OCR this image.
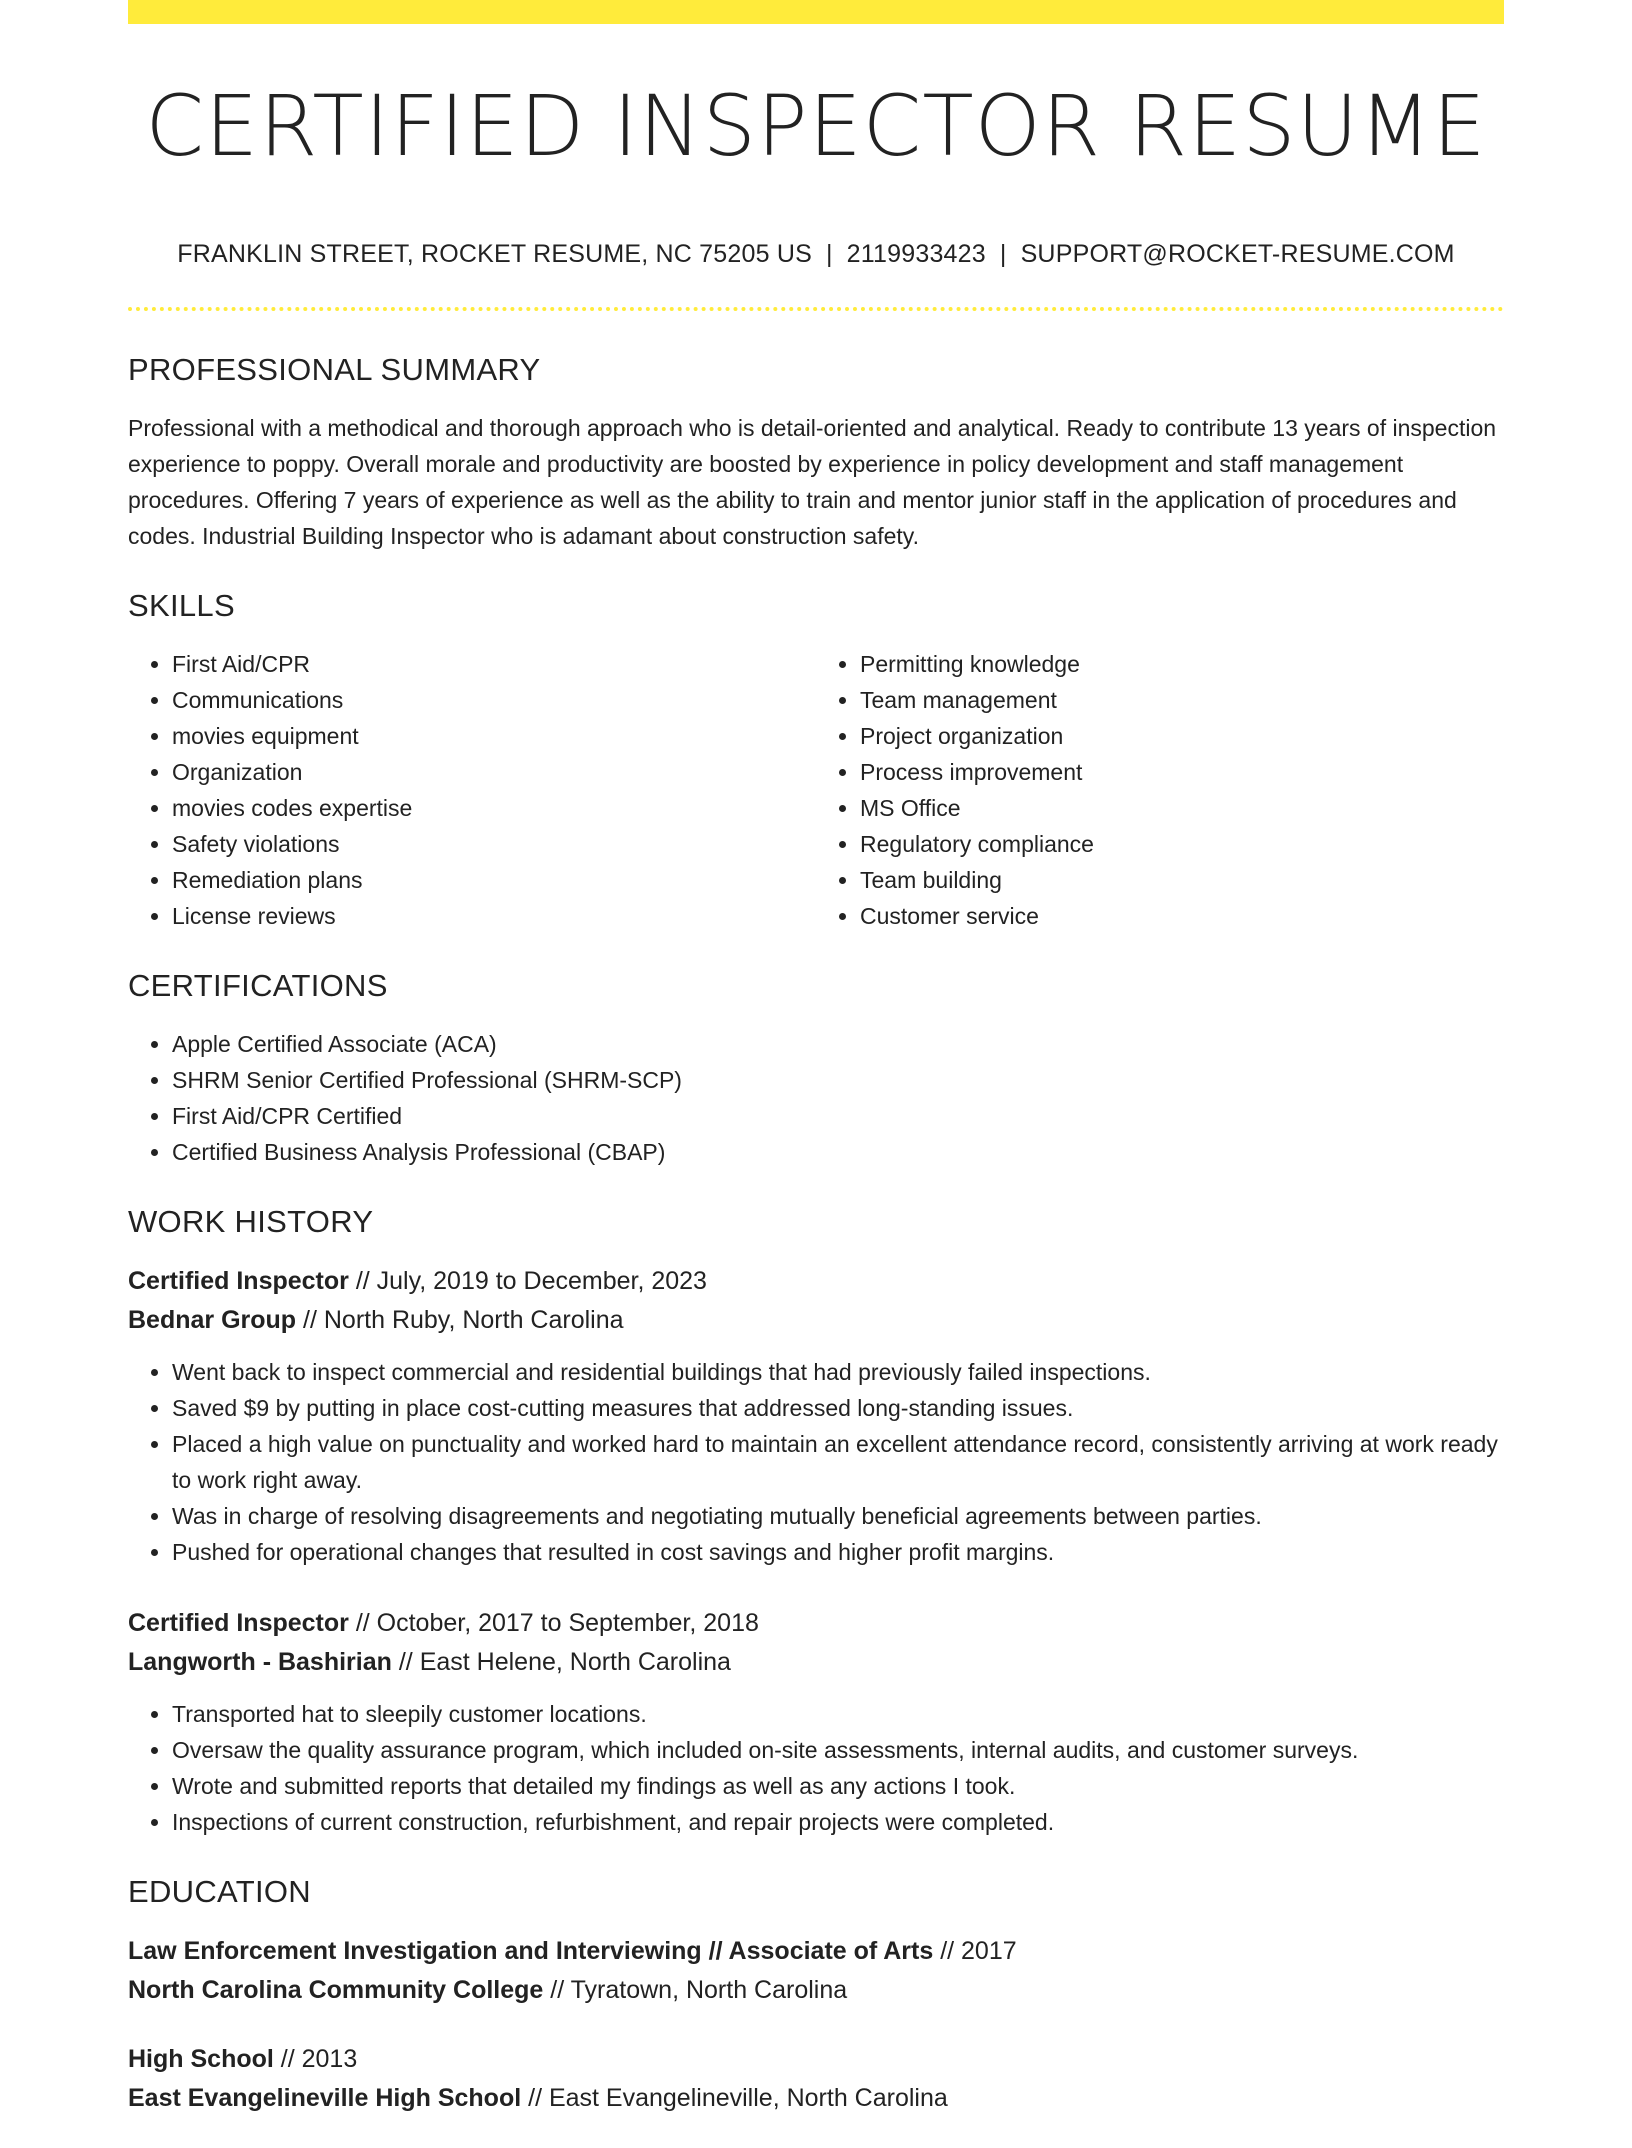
CERTIFIED INSPECTOR RESUME
FRANKLIN STREET, ROCKET RESUME, NC 75205 US | 2119933423 | SUPPORT@ROCKET-RESUME.COM
PROFESSIONAL SUMMARY

Professional with a methodical and thorough approach who is detail-oriented and analytical. Ready to contribute 13 years of inspection experience to poppy. Overall morale and productivity are boosted by experience in policy development and staff management procedures. Offering 7 years of experience as well as the ability to train and mentor junior staff in the application of procedures and codes. Industrial Building Inspector who is adamant about construction safety.

SKILLS
• First Aid/CPR
• Communications
• movies equipment
• Organization
• movies codes expertise
• Safety violations
• Remediation plans
• License reviews
• Permitting knowledge
• Team management
• Project organization
• Process improvement
• MS Office
• Regulatory compliance
• Team building
• Customer service
CERTIFICATIONS
• Apple Certified Associate (ACA)
• SHRM Senior Certified Professional (SHRM-SCP)
• First Aid/CPR Certified
• Certified Business Analysis Professional (CBAP)
WORK HISTORY
Certified Inspector // July, 2019 to December, 2023
Bednar Group // North Ruby, North Carolina
• Went back to inspect commercial and residential buildings that had previously failed inspections.
• Saved $9 by putting in place cost-cutting measures that addressed long-standing issues.
• Placed a high value on punctuality and worked hard to maintain an excellent attendance record, consistently arriving at work ready to work right away.
• Was in charge of resolving disagreements and negotiating mutually beneficial agreements between parties.
• Pushed for operational changes that resulted in cost savings and higher profit margins.
Certified Inspector // October, 2017 to September, 2018
Langworth - Bashirian // East Helene, North Carolina
• Transported hat to sleepily customer locations.
• Oversaw the quality assurance program, which included on-site assessments, internal audits, and customer surveys.
• Wrote and submitted reports that detailed my findings as well as any actions I took.
• Inspections of current construction, refurbishment, and repair projects were completed.
EDUCATION
Law Enforcement Investigation and Interviewing // Associate of Arts // 2017
North Carolina Community College // Tyratown, North Carolina
High School // 2013
East Evangelineville High School // East Evangelineville, North Carolina
